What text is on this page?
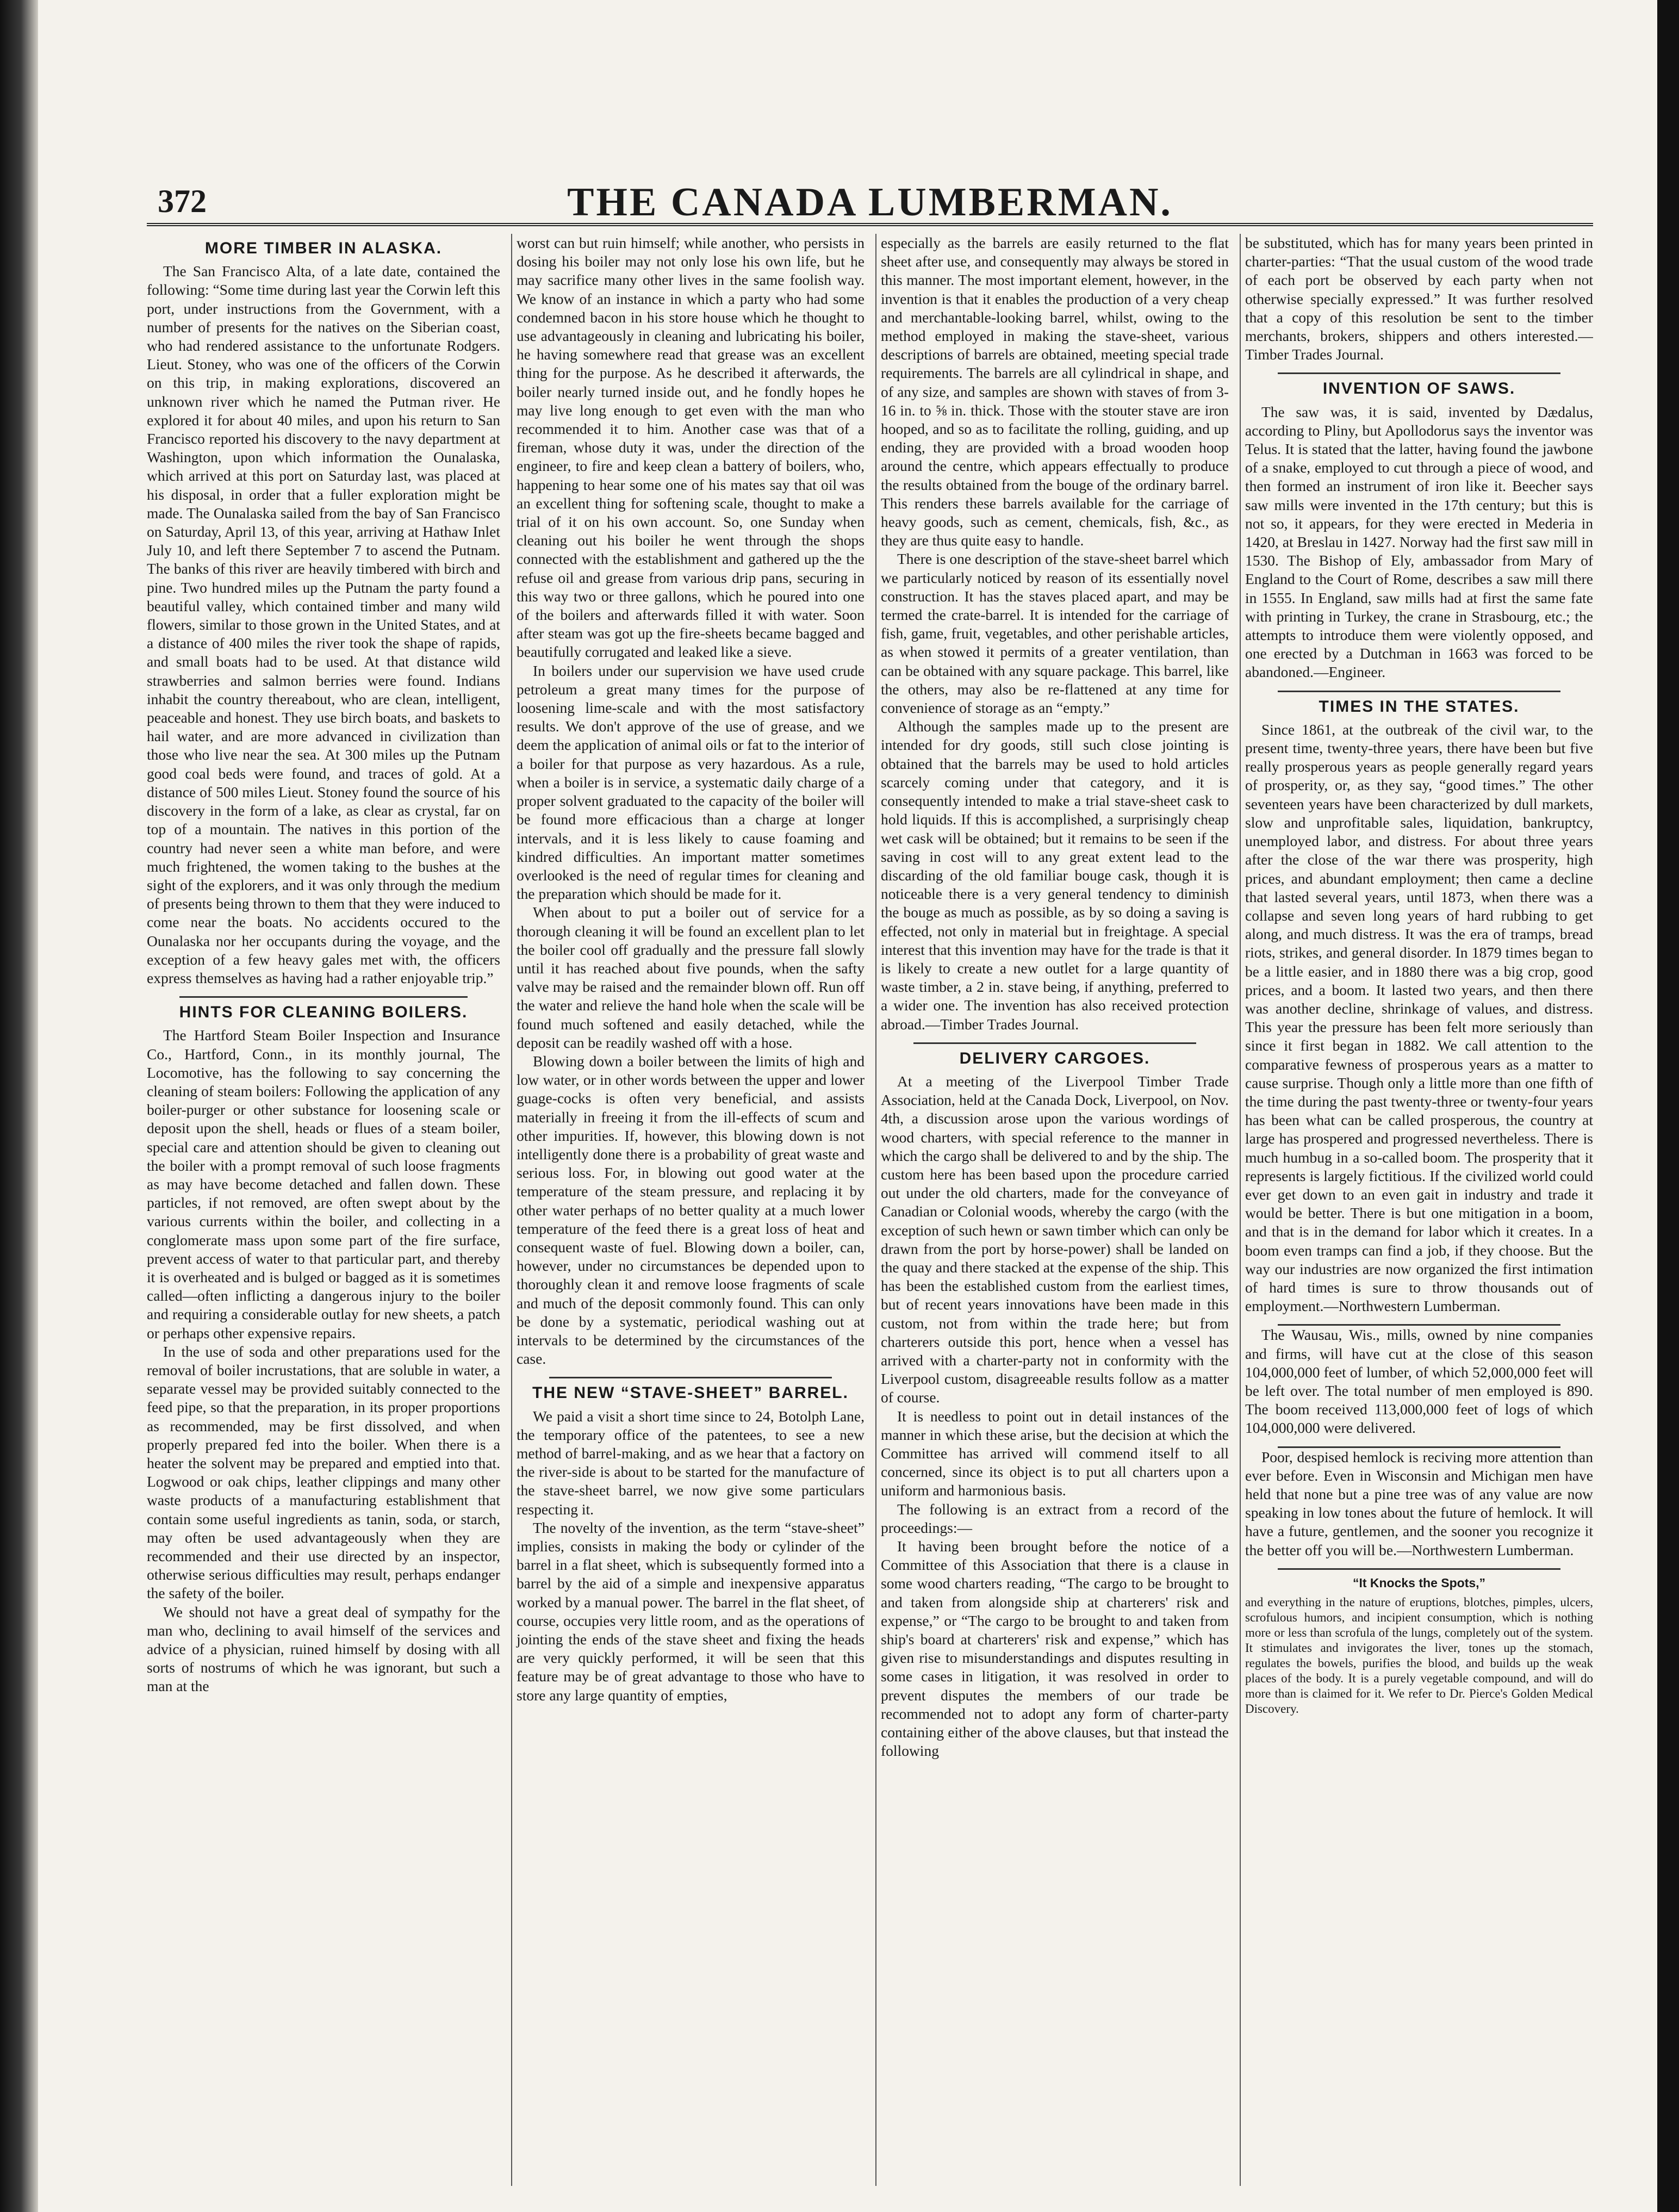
372	THE CANADA LUMBERMAN.
MORE TIMBER IN ALASKA.

The San Francisco Alta, of a late date, contained the following: “Some time during last year the Corwin left this port, under instructions from the Government, with a number of presents for the natives on the Siberian coast, who had rendered assistance to the unfortunate Rodgers. Lieut. Stoney, who was one of the officers of the Corwin on this trip, in making explorations, discovered an unknown river which he named the Putman river. He explored it for about 40 miles, and upon his return to San Francisco reported his discovery to the navy department at Washington, upon which information the Ounalaska, which arrived at this port on Saturday last, was placed at his disposal, in order that a fuller exploration might be made. The Ounalaska sailed from the bay of San Francisco on Saturday, April 13, of this year, arriving at Hathaw Inlet July 10, and left there September 7 to ascend the Putnam. The banks of this river are heavily timbered with birch and pine. Two hundred miles up the Putnam the party found a beautiful valley, which contained timber and many wild flowers, similar to those grown in the United States, and at a distance of 400 miles the river took the shape of rapids, and small boats had to be used. At that distance wild strawberries and salmon berries were found. Indians inhabit the country thereabout, who are clean, intelligent, peaceable and honest. They use birch boats, and baskets to hail water, and are more advanced in civilization than those who live near the sea. At 300 miles up the Putnam good coal beds were found, and traces of gold. At a distance of 500 miles Lieut. Stoney found the source of his discovery in the form of a lake, as clear as crystal, far on top of a mountain. The natives in this portion of the country had never seen a white man before, and were much frightened, the women taking to the bushes at the sight of the explorers, and it was only through the medium of presents being thrown to them that they were induced to come near the boats. No accidents occured to the Ounalaska nor her occupants during the voyage, and the exception of a few heavy gales met with, the officers express themselves as having had a rather enjoyable trip.”

HINTS FOR CLEANING BOILERS.

The Hartford Steam Boiler Inspection and Insurance Co., Hartford, Conn., in its monthly journal, The Locomotive, has the following to say concerning the cleaning of steam boilers: Following the application of any boiler-purger or other substance for loosening scale or deposit upon the shell, heads or flues of a steam boiler, special care and attention should be given to cleaning out the boiler with a prompt removal of such loose fragments as may have become detached and fallen down. These particles, if not removed, are often swept about by the various currents within the boiler, and collecting in a conglomerate mass upon some part of the fire surface, prevent access of water to that particular part, and thereby it is overheated and is bulged or bagged as it is sometimes called—often inflicting a dangerous injury to the boiler and requiring a considerable outlay for new sheets, a patch or perhaps other expensive repairs.

In the use of soda and other preparations used for the removal of boiler incrustations, that are soluble in water, a separate vessel may be provided suitably connected to the feed pipe, so that the preparation, in its proper proportions as recommended, may be first dissolved, and when properly prepared fed into the boiler. When there is a heater the solvent may be prepared and emptied into that. Logwood or oak chips, leather clippings and many other waste products of a manufacturing establishment that contain some useful ingredients as tanin, soda, or starch, may often be used advantageously when they are recommended and their use directed by an inspector, otherwise serious difficulties may result, perhaps endanger the safety of the boiler.

We should not have a great deal of sympathy for the man who, declining to avail himself of the services and advice of a physician, ruined himself by dosing with all sorts of nostrums of which he was ignorant, but such a man at the

worst can but ruin himself; while another, who persists in dosing his boiler may not only lose his own life, but he may sacrifice many other lives in the same foolish way. We know of an instance in which a party who had some condemned bacon in his store house which he thought to use advantageously in cleaning and lubricating his boiler, he having somewhere read that grease was an excellent thing for the purpose. As he described it afterwards, the boiler nearly turned inside out, and he fondly hopes he may live long enough to get even with the man who recommended it to him. Another case was that of a fireman, whose duty it was, under the direction of the engineer, to fire and keep clean a battery of boilers, who, happening to hear some one of his mates say that oil was an excellent thing for softening scale, thought to make a trial of it on his own account. So, one Sunday when cleaning out his boiler he went through the shops connected with the establishment and gathered up the the refuse oil and grease from various drip pans, securing in this way two or three gallons, which he poured into one of the boilers and afterwards filled it with water. Soon after steam was got up the fire-sheets became bagged and beautifully corrugated and leaked like a sieve.

In boilers under our supervision we have used crude petroleum a great many times for the purpose of loosening lime-scale and with the most satisfactory results. We don't approve of the use of grease, and we deem the application of animal oils or fat to the interior of a boiler for that purpose as very hazardous. As a rule, when a boiler is in service, a systematic daily charge of a proper solvent graduated to the capacity of the boiler will be found more efficacious than a charge at longer intervals, and it is less likely to cause foaming and kindred difficulties. An important matter sometimes overlooked is the need of regular times for cleaning and the preparation which should be made for it.

When about to put a boiler out of service for a thorough cleaning it will be found an excellent plan to let the boiler cool off gradually and the pressure fall slowly until it has reached about five pounds, when the safty valve may be raised and the remainder blown off. Run off the water and relieve the hand hole when the scale will be found much softened and easily detached, while the deposit can be readily washed off with a hose.

Blowing down a boiler between the limits of high and low water, or in other words between the upper and lower guage-cocks is often very beneficial, and assists materially in freeing it from the ill-effects of scum and other impurities. If, however, this blowing down is not intelligently done there is a probability of great waste and serious loss. For, in blowing out good water at the temperature of the steam pressure, and replacing it by other water perhaps of no better quality at a much lower temperature of the feed there is a great loss of heat and consequent waste of fuel. Blowing down a boiler, can, however, under no circumstances be depended upon to thoroughly clean it and remove loose fragments of scale and much of the deposit commonly found. This can only be done by a systematic, periodical washing out at intervals to be determined by the circumstances of the case.

THE NEW “STAVE-SHEET” BARREL.

We paid a visit a short time since to 24, Botolph Lane, the temporary office of the patentees, to see a new method of barrel-making, and as we hear that a factory on the river-side is about to be started for the manufacture of the stave-sheet barrel, we now give some particulars respecting it.

The novelty of the invention, as the term “stave-sheet” implies, consists in making the body or cylinder of the barrel in a flat sheet, which is subsequently formed into a barrel by the aid of a simple and inexpensive apparatus worked by a manual power. The barrel in the flat sheet, of course, occupies very little room, and as the operations of jointing the ends of the stave sheet and fixing the heads are very quickly performed, it will be seen that this feature may be of great advantage to those who have to store any large quantity of empties,

especially as the barrels are easily returned to the flat sheet after use, and consequently may always be stored in this manner. The most important element, however, in the invention is that it enables the production of a very cheap and merchantable-looking barrel, whilst, owing to the method employed in making the stave-sheet, various descriptions of barrels are obtained, meeting special trade requirements. The barrels are all cylindrical in shape, and of any size, and samples are shown with staves of from 3-16 in. to ⅝ in. thick. Those with the stouter stave are iron hooped, and so as to facilitate the rolling, guiding, and up ending, they are provided with a broad wooden hoop around the centre, which appears effectually to produce the results obtained from the bouge of the ordinary barrel. This renders these barrels available for the carriage of heavy goods, such as cement, chemicals, fish, &c., as they are thus quite easy to handle.

There is one description of the stave-sheet barrel which we particularly noticed by reason of its essentially novel construction. It has the staves placed apart, and may be termed the crate-barrel. It is intended for the carriage of fish, game, fruit, vegetables, and other perishable articles, as when stowed it permits of a greater ventilation, than can be obtained with any square package. This barrel, like the others, may also be re-flattened at any time for convenience of storage as an “empty.”

Although the samples made up to the present are intended for dry goods, still such close jointing is obtained that the barrels may be used to hold articles scarcely coming under that category, and it is consequently intended to make a trial stave-sheet cask to hold liquids. If this is accomplished, a surprisingly cheap wet cask will be obtained; but it remains to be seen if the saving in cost will to any great extent lead to the discarding of the old familiar bouge cask, though it is noticeable there is a very general tendency to diminish the bouge as much as possible, as by so doing a saving is effected, not only in material but in freightage. A special interest that this invention may have for the trade is that it is likely to create a new outlet for a large quantity of waste timber, a 2 in. stave being, if anything, preferred to a wider one. The invention has also received protection abroad.—Timber Trades Journal.

DELIVERY CARGOES.

At a meeting of the Liverpool Timber Trade Association, held at the Canada Dock, Liverpool, on Nov. 4th, a discussion arose upon the various wordings of wood charters, with special reference to the manner in which the cargo shall be delivered to and by the ship. The custom here has been based upon the procedure carried out under the old charters, made for the conveyance of Canadian or Colonial woods, whereby the cargo (with the exception of such hewn or sawn timber which can only be drawn from the port by horse-power) shall be landed on the quay and there stacked at the expense of the ship. This has been the established custom from the earliest times, but of recent years innovations have been made in this custom, not from within the trade here; but from charterers outside this port, hence when a vessel has arrived with a charter-party not in conformity with the Liverpool custom, disagreeable results follow as a matter of course.

It is needless to point out in detail instances of the manner in which these arise, but the decision at which the Committee has arrived will commend itself to all concerned, since its object is to put all charters upon a uniform and harmonious basis.

The following is an extract from a record of the proceedings:—

It having been brought before the notice of a Committee of this Association that there is a clause in some wood charters reading, “The cargo to be brought to and taken from alongside ship at charterers' risk and expense,” or “The cargo to be brought to and taken from ship's board at charterers' risk and expense,” which has given rise to misunderstandings and disputes resulting in some cases in litigation, it was resolved in order to prevent disputes the members of our trade be recommended not to adopt any form of charter-party containing either of the above clauses, but that instead the following

be substituted, which has for many years been printed in charter-parties: “That the usual custom of the wood trade of each port be observed by each party when not otherwise specially expressed.” It was further resolved that a copy of this resolution be sent to the timber merchants, brokers, shippers and others interested.—Timber Trades Journal.

INVENTION OF SAWS.

The saw was, it is said, invented by Dædalus, according to Pliny, but Apollodorus says the inventor was Telus. It is stated that the latter, having found the jawbone of a snake, employed to cut through a piece of wood, and then formed an instrument of iron like it. Beecher says saw mills were invented in the 17th century; but this is not so, it appears, for they were erected in Mederia in 1420, at Breslau in 1427. Norway had the first saw mill in 1530. The Bishop of Ely, ambassador from Mary of England to the Court of Rome, describes a saw mill there in 1555. In England, saw mills had at first the same fate with printing in Turkey, the crane in Strasbourg, etc.; the attempts to introduce them were violently opposed, and one erected by a Dutchman in 1663 was forced to be abandoned.—Engineer.

TIMES IN THE STATES.

Since 1861, at the outbreak of the civil war, to the present time, twenty-three years, there have been but five really prosperous years as people generally regard years of prosperity, or, as they say, “good times.” The other seventeen years have been characterized by dull markets, slow and unprofitable sales, liquidation, bankruptcy, unemployed labor, and distress. For about three years after the close of the war there was prosperity, high prices, and abundant employment; then came a decline that lasted several years, until 1873, when there was a collapse and seven long years of hard rubbing to get along, and much distress. It was the era of tramps, bread riots, strikes, and general disorder. In 1879 times began to be a little easier, and in 1880 there was a big crop, good prices, and a boom. It lasted two years, and then there was another decline, shrinkage of values, and distress. This year the pressure has been felt more seriously than since it first began in 1882. We call attention to the comparative fewness of prosperous years as a matter to cause surprise. Though only a little more than one fifth of the time during the past twenty-three or twenty-four years has been what can be called prosperous, the country at large has prospered and progressed nevertheless. There is much humbug in a so-called boom. The prosperity that it represents is largely fictitious. If the civilized world could ever get down to an even gait in industry and trade it would be better. There is but one mitigation in a boom, and that is in the demand for labor which it creates. In a boom even tramps can find a job, if they choose. But the way our industries are now organized the first intimation of hard times is sure to throw thousands out of employment.—Northwestern Lumberman.

The Wausau, Wis., mills, owned by nine companies and firms, will have cut at the close of this season 104,000,000 feet of lumber, of which 52,000,000 feet will be left over. The total number of men employed is 890. The boom received 113,000,000 feet of logs of which 104,000,000 were delivered.

Poor, despised hemlock is reciving more attention than ever before. Even in Wisconsin and Michigan men have held that none but a pine tree was of any value are now speaking in low tones about the future of hemlock. It will have a future, gentlemen, and the sooner you recognize it the better off you will be.—Northwestern Lumberman.

“It Knocks the Spots,”

and everything in the nature of eruptions, blotches, pimples, ulcers, scrofulous humors, and incipient consumption, which is nothing more or less than scrofula of the lungs, completely out of the system. It stimulates and invigorates the liver, tones up the stomach, regulates the bowels, purifies the blood, and builds up the weak places of the body. It is a purely vegetable compound, and will do more than is claimed for it. We refer to Dr. Pierce's Golden Medical Discovery.
